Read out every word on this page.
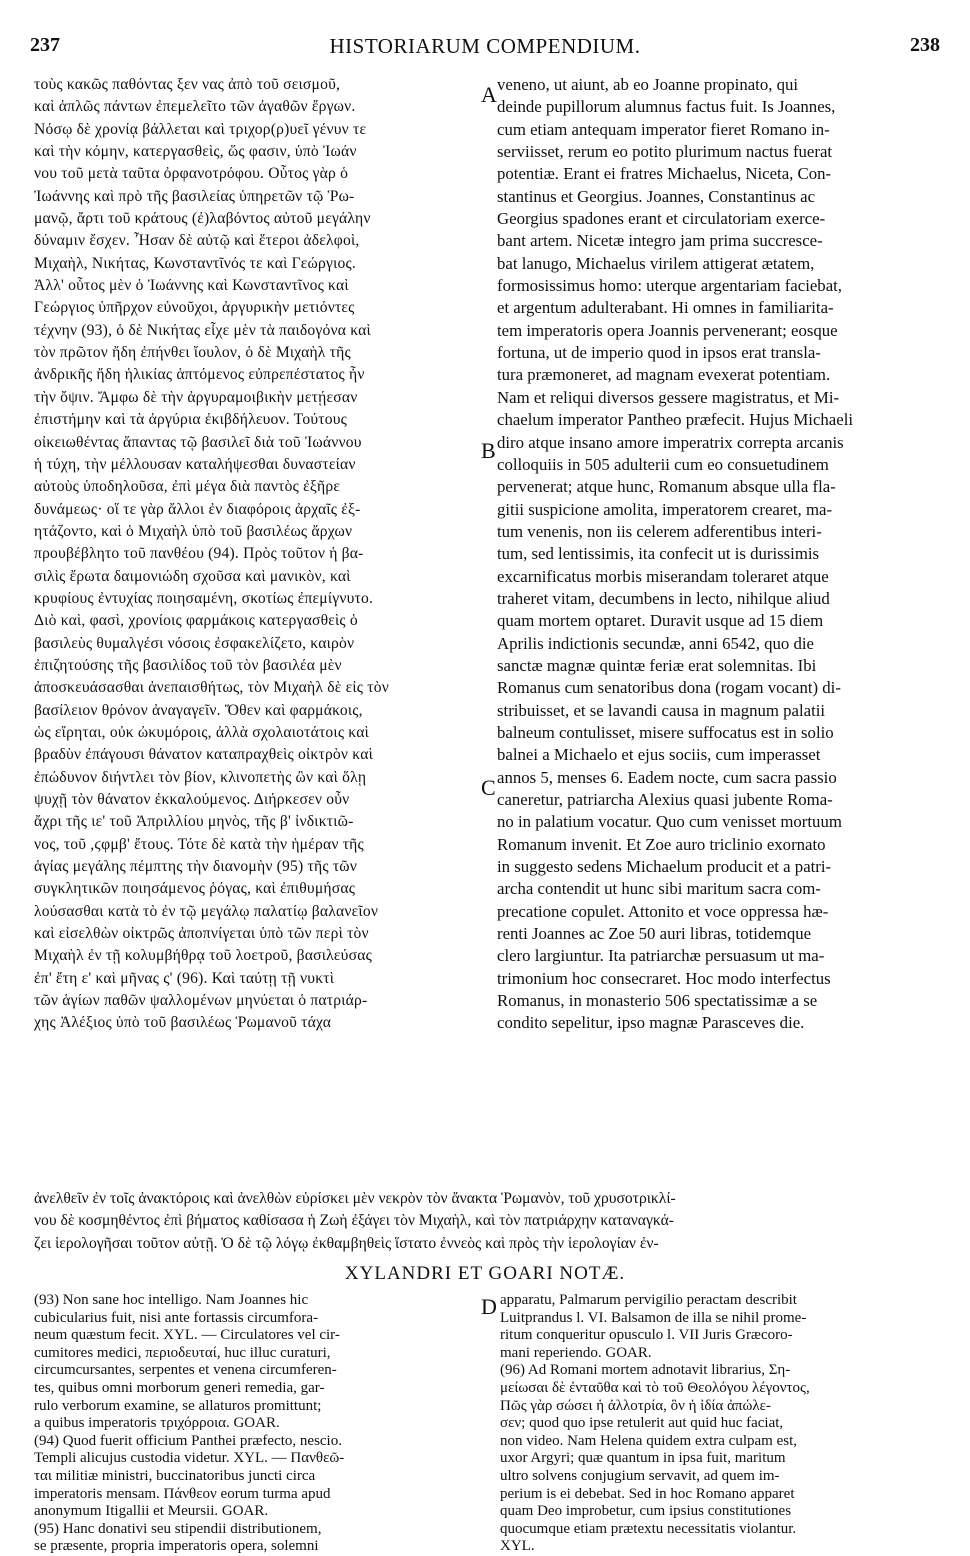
237	HISTORIARUM COMPENDIUM.	238
τοὺς κακῶς παθόντας ξεν νας ἀπὸ τοῦ σεισμοῦ,
καὶ ἁπλῶς πάντων ἐπεμελεῖτο τῶν ἀγαθῶν ἔργων.
Νόσῳ δὲ χρονίᾳ βάλλεται καὶ τριχορ(ρ)υεῖ γένυν τε
καὶ τὴν κόμην, κατεργασθεὶς, ὥς φασιν, ὑπὸ Ἰωάν
νου τοῦ μετὰ ταῦτα ὀρφανοτρόφου. Οὗτος γὰρ ὁ
Ἰωάννης καὶ πρὸ τῆς βασιλείας ὑπηρετῶν τῷ Ῥω-
μανῷ, ἄρτι τοῦ κράτους (ἐ)λαβόντος αὐτοῦ μεγάλην
δύναμιν ἔσχεν. Ἦσαν δὲ αὐτῷ καὶ ἕτεροι ἀδελφοὶ,
Μιχαὴλ, Νικήτας, Κωνσταντῖνός τε καὶ Γεώργιος.
Ἀλλ' οὗτος μὲν ὁ Ἰωάννης καὶ Κωνσταντῖνος καὶ
Γεώργιος ὑπῆρχον εὐνοῦχοι, ἀργυρικὴν μετιόντες
τέχνην (93), ὁ δὲ Νικήτας εἶχε μὲν τὰ παιδογόνα καὶ
τὸν πρῶτον ἤδη ἐπήνθει ἴουλον, ὁ δὲ Μιχαὴλ τῆς
ἀνδρικῆς ἤδη ἡλικίας ἁπτόμενος εὐπρεπέστατος ἦν
τὴν ὄψιν. Ἄμφω δὲ τὴν ἀργυραμοιβικὴν μετῄεσαν
ἐπιστήμην καὶ τὰ ἀργύρια ἐκιβδήλευον. Τούτους
οἰκειωθέντας ἅπαντας τῷ βασιλεῖ διὰ τοῦ Ἰωάννου
ἡ τύχη, τὴν μέλλουσαν καταλήψεσθαι δυναστείαν
αὐτοὺς ὑποδηλοῦσα, ἐπὶ μέγα διὰ παντὸς ἐξῆρε
δυνάμεως· οἵ τε γὰρ ἄλλοι ἐν διαφόροις ἀρχαῖς ἐξ-
ητάζοντο, καὶ ὁ Μιχαὴλ ὑπὸ τοῦ βασιλέως ἄρχων
προυβέβλητο τοῦ πανθέου (94). Πρὸς τοῦτον ἡ βα-
σιλὶς ἔρωτα δαιμονιώδη σχοῦσα καὶ μανικὸν, καὶ
κρυφίους ἐντυχίας ποιησαμένη, σκοτίως ἐπεμίγνυτο.
Διὸ καὶ, φασὶ, χρονίοις φαρμάκοις κατεργασθεὶς ὁ
βασιλεὺς θυμαλγέσι νόσοις ἐσφακελίζετο, καιρὸν
ἐπιζητούσης τῆς βασιλίδος τοῦ τὸν βασιλέα μὲν
ἀποσκευάσασθαι ἀνεπαισθήτως, τὸν Μιχαὴλ δὲ εἰς τὸν
βασίλειον θρόνον ἀναγαγεῖν. Ὅθεν καὶ φαρμάκοις,
ὡς εἴρηται, οὐκ ὠκυμόροις, ἀλλὰ σχολαιοτάτοις καὶ
βραδὺν ἐπάγουσι θάνατον καταπραχθεὶς οἰκτρὸν καὶ
ἐπώδυνον διήντλει τὸν βίον, κλινοπετὴς ὢν καὶ ὅλῃ
ψυχῇ τὸν θάνατον ἐκκαλούμενος. Διήρκεσεν οὖν
ἄχρι τῆς ιε' τοῦ Ἀπριλλίου μηνὸς, τῆς β' ἰνδικτιῶ-
νος, τοῦ ,ϛφμβ' ἔτους. Τότε δὲ κατὰ τὴν ἡμέραν τῆς
ἁγίας μεγάλης πέμπτης τὴν διανομὴν (95) τῆς τῶν
συγκλητικῶν ποιησάμενος ῥόγας, καὶ ἐπιθυμήσας
λούσασθαι κατὰ τὸ ἐν τῷ μεγάλῳ παλατίῳ βαλανεῖον
καὶ εἰσελθὼν οἰκτρῶς ἀποπνίγεται ὑπὸ τῶν περὶ τὸν
Μιχαὴλ ἐν τῇ κολυμβήθρᾳ τοῦ λοετροῦ, βασιλεύσας
ἐπ' ἔτη ε' καὶ μῆνας ς' (96). Καὶ ταύτῃ τῇ νυκτὶ
τῶν ἁγίων παθῶν ψαλλομένων μηνύεται ὁ πατριάρ-
χης Ἀλέξιος ὑπὸ τοῦ βασιλέως Ῥωμανοῦ τάχα
veneno, ut aiunt, ab eo Joanne propinato, qui
deinde pupillorum alumnus factus fuit. Is Joannes,
cum etiam antequam imperator fieret Romano in-
serviisset, rerum eo potito plurimum nactus fuerat
potentiæ. Erant ei fratres Michaelus, Niceta, Con-
stantinus et Georgius. Joannes, Constantinus ac
Georgius spadones erant et circulatoriam exerce-
bant artem. Nicetæ integro jam prima succresce-
bat lanugo, Michaelus virilem attigerat ætatem,
formosissimus homo: uterque argentariam faciebat,
et argentum adulterabant. Hi omnes in familiarita-
tem imperatoris opera Joannis pervenerant; eosque
fortuna, ut de imperio quod in ipsos erat transla-
tura præmoneret, ad magnam evexerat potentiam.
Nam et reliqui diversos gessere magistratus, et Mi-
chaelum imperator Pantheo præfecit. Hujus Michaeli
diro atque insano amore imperatrix correpta arcanis
colloquiis in 505 adulterii cum eo consuetudinem
pervenerat; atque hunc, Romanum absque ulla fla-
gitii suspicione amolita, imperatorem crearet, ma-
tum venenis, non iis celerem adferentibus interi-
tum, sed lentissimis, ita confecit ut is durissimis
excarnificatus morbis miserandam toleraret atque
traheret vitam, decumbens in lecto, nihilque aliud
quam mortem optaret. Duravit usque ad 15 diem
Aprilis indictionis secundæ, anni 6542, quo die
sanctæ magnæ quintæ feriæ erat solemnitas. Ibi
Romanus cum senatoribus dona (rogam vocant) di-
stribuisset, et se lavandi causa in magnum palatii
balneum contulisset, misere suffocatus est in solio
balnei a Michaelo et ejus sociis, cum imperasset
annos 5, menses 6. Eadem nocte, cum sacra passio
caneretur, patriarcha Alexius quasi jubente Roma-
no in palatium vocatur. Quo cum venisset mortuum
Romanum invenit. Et Zoe auro triclinio exornato
in suggesto sedens Michaelum producit et a patri-
archa contendit ut hunc sibi maritum sacra com-
precatione copulet. Attonito et voce oppressa hæ-
renti Joannes ac Zoe 50 auri libras, totidemque
clero largiuntur. Ita patriarchæ persuasum ut ma-
trimonium hoc consecraret. Hoc modo interfectus
Romanus, in monasterio 506 spectatissimæ a se
condito sepelitur, ipso magnæ Parasceves die.
A
B
C
D
ἀνελθεῖν ἐν τοῖς ἀνακτόροις καὶ ἀνελθὼν εὑρίσκει μὲν νεκρὸν τὸν ἄνακτα Ῥωμανὸν, τοῦ χρυσοτρικλί-
νου δὲ κοσμηθέντος ἐπὶ βήματος καθίσασα ἡ Ζωὴ ἐξάγει τὸν Μιχαὴλ, καὶ τὸν πατριάρχην καταναγκά-
ζει ἱερολογῆσαι τοῦτον αὐτῇ. Ὁ δὲ τῷ λόγῳ ἐκθαμβηθεὶς ἵστατο ἐννεὸς καὶ πρὸς τὴν ἱερολογίαν ἐν-
XYLANDRI ET GOARI NOTÆ.
(93) Non sane hoc intelligo. Nam Joannes hic
cubicularius fuit, nisi ante fortassis circumfora-
neum quæstum fecit. XYL. — Circulatores vel cir-
cumitores medici, περιοδευταί, huc illuc curaturi,
circumcursantes, serpentes et venena circumferen-
tes, quibus omni morborum generi remedia, gar-
rulo verborum examine, se allaturos promittunt;
a quibus imperatoris τριχόρροια. GOAR.
(94) Quod fuerit officium Panthei præfecto, nescio.
Templi alicujus custodia videtur. XYL. — Πανθεῶ-
ται militiæ ministri, buccinatoribus juncti circa
imperatoris mensam. Πάνθεον eorum turma apud
anonymum Itigallii et Meursii. GOAR.
(95) Hanc donativi seu stipendii distributionem,
se præsente, propria imperatoris opera, solemni
apparatu, Palmarum pervigilio peractam describit
Luitprandus l. VI. Balsamon de illa se nihil prome-
ritum conqueritur opusculo l. VII Juris Græcoro-
mani reperiendo. GOAR.
(96) Ad Romani mortem adnotavit librarius, Ση-
μείωσαι δὲ ἐνταῦθα καὶ τὸ τοῦ Θεολόγου λέγοντος,
Πῶς γὰρ σώσει ἡ ἀλλοτρία, ὃν ἡ ἰδία ἀπώλε-
σεν; quod quo ipse retulerit aut quid huc faciat,
non video. Nam Helena quidem extra culpam est,
uxor Argyri; quæ quantum in ipsa fuit, maritum
ultro solvens conjugium servavit, ad quem im-
perium is ei debebat. Sed in hoc Romano apparet
quam Deo improbetur, cum ipsius constitutiones
quocumque etiam prætextu necessitatis violantur.
XYL.
